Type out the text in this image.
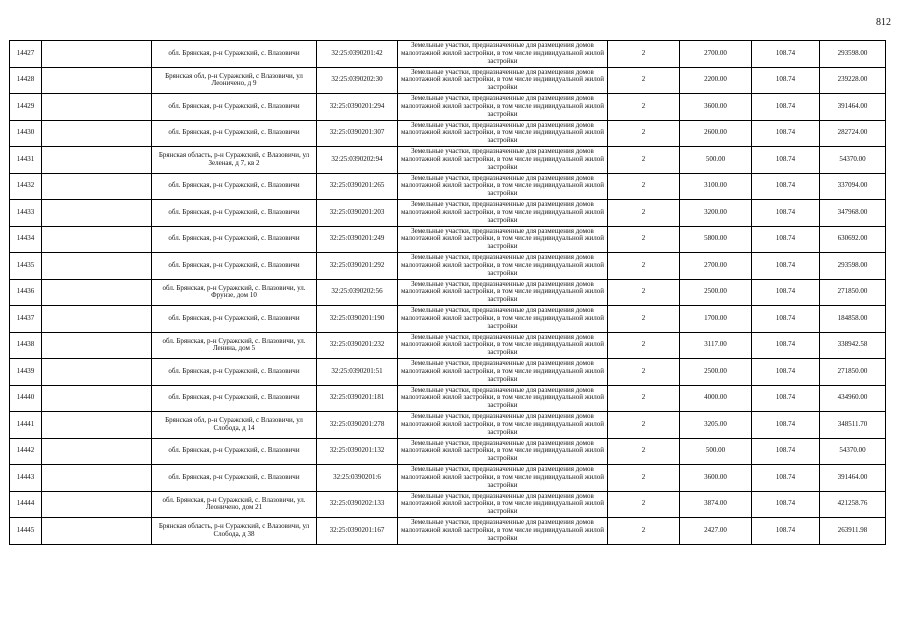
812
14427		обл. Брянская, р-н Суражский, с. Влазовичи	32:25:0390201:42	Земельные участки, предназначенные для размещения домов малоэтажной жилой застройки, в том числе индивидуальной жилой застройки	2	2700.00	108.74	293598.00
14428		Брянская обл, р-н Суражский, с Влазовичи, ул Леоничено, д 9	32:25:0390202:30	Земельные участки, предназначенные для размещения домов малоэтажной жилой застройки, в том числе индивидуальной жилой застройки	2	2200.00	108.74	239228.00
14429		обл. Брянская, р-н Суражский, с. Влазовичи	32:25:0390201:294	Земельные участки, предназначенные для размещения домов малоэтажной жилой застройки, в том числе индивидуальной жилой застройки	2	3600.00	108.74	391464.00
14430		обл. Брянская, р-н Суражский, с. Влазовичи	32:25:0390201:307	Земельные участки, предназначенные для размещения домов малоэтажной жилой застройки, в том числе индивидуальной жилой застройки	2	2600.00	108.74	282724.00
14431		Брянская область, р-н Суражский, с Влазовичи, ул Зеленая, д 7, кв 2	32:25:0390202:94	Земельные участки, предназначенные для размещения домов малоэтажной жилой застройки, в том числе индивидуальной жилой застройки	2	500.00	108.74	54370.00
14432		обл. Брянская, р-н Суражский, с. Влазовичи	32:25:0390201:265	Земельные участки, предназначенные для размещения домов малоэтажной жилой застройки, в том числе индивидуальной жилой застройки	2	3100.00	108.74	337094.00
14433		обл. Брянская, р-н Суражский, с. Влазовичи	32:25:0390201:203	Земельные участки, предназначенные для размещения домов малоэтажной жилой застройки, в том числе индивидуальной жилой застройки	2	3200.00	108.74	347968.00
14434		обл. Брянская, р-н Суражский, с. Влазовичи	32:25:0390201:249	Земельные участки, предназначенные для размещения домов малоэтажной жилой застройки, в том числе индивидуальной жилой застройки	2	5800.00	108.74	630692.00
14435		обл. Брянская, р-н Суражский, с. Влазовичи	32:25:0390201:292	Земельные участки, предназначенные для размещения домов малоэтажной жилой застройки, в том числе индивидуальной жилой застройки	2	2700.00	108.74	293598.00
14436		обл. Брянская, р-н Суражский, с. Влазовичи, ул. Фрунзе, дом 10	32:25:0390202:56	Земельные участки, предназначенные для размещения домов малоэтажной жилой застройки, в том числе индивидуальной жилой застройки	2	2500.00	108.74	271850.00
14437		обл. Брянская, р-н Суражский, с. Влазовичи	32:25:0390201:190	Земельные участки, предназначенные для размещения домов малоэтажной жилой застройки, в том числе индивидуальной жилой застройки	2	1700.00	108.74	184858.00
14438		обл. Брянская, р-н Суражский, с. Влазовичи, ул. Ленина, дом 5	32:25:0390201:232	Земельные участки, предназначенные для размещения домов малоэтажной жилой застройки, в том числе индивидуальной жилой застройки	2	3117.00	108.74	338942.58
14439		обл. Брянская, р-н Суражский, с. Влазовичи	32:25:0390201:51	Земельные участки, предназначенные для размещения домов малоэтажной жилой застройки, в том числе индивидуальной жилой застройки	2	2500.00	108.74	271850.00
14440		обл. Брянская, р-н Суражский, с. Влазовичи	32:25:0390201:181	Земельные участки, предназначенные для размещения домов малоэтажной жилой застройки, в том числе индивидуальной жилой застройки	2	4000.00	108.74	434960.00
14441		Брянская обл, р-н Суражский, с Влазовичи, ул Слобода, д 14	32:25:0390201:278	Земельные участки, предназначенные для размещения домов малоэтажной жилой застройки, в том числе индивидуальной жилой застройки	2	3205.00	108.74	348511.70
14442		обл. Брянская, р-н Суражский, с. Влазовичи	32:25:0390201:132	Земельные участки, предназначенные для размещения домов малоэтажной жилой застройки, в том числе индивидуальной жилой застройки	2	500.00	108.74	54370.00
14443		обл. Брянская, р-н Суражский, с. Влазовичи	32:25:0390201:6	Земельные участки, предназначенные для размещения домов малоэтажной жилой застройки, в том числе индивидуальной жилой застройки	2	3600.00	108.74	391464.00
14444		обл. Брянская, р-н Суражский, с. Влазовичи, ул. Леоничено, дом 21	32:25:0390202:133	Земельные участки, предназначенные для размещения домов малоэтажной жилой застройки, в том числе индивидуальной жилой застройки	2	3874.00	108.74	421258.76
14445		Брянская область, р-н Суражский, с Влазовичи, ул Слобода, д 38	32:25:0390201:167	Земельные участки, предназначенные для размещения домов малоэтажной жилой застройки, в том числе индивидуальной жилой застройки	2	2427.00	108.74	263911.98
